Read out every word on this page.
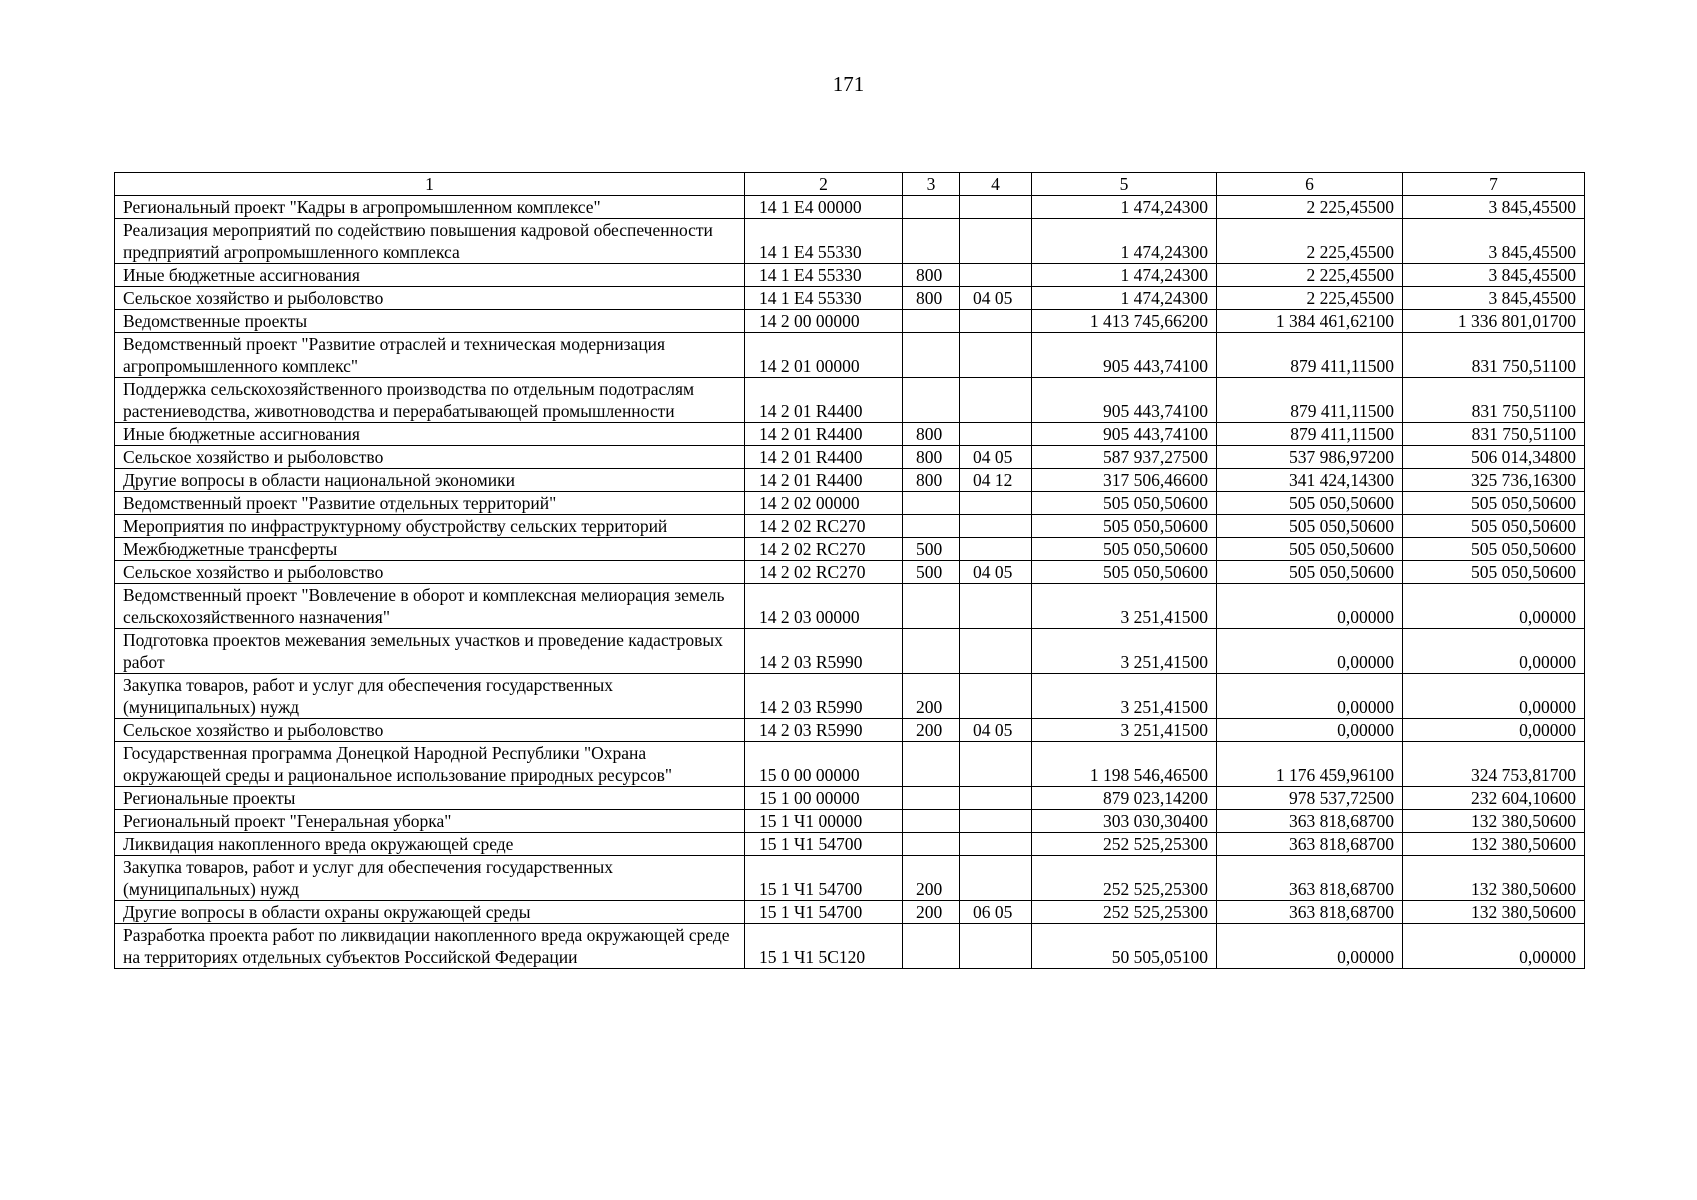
171
1	2	3	4	5	6	7
Региональный проект "Кадры в агропромышленном комплексе"	14 1 E4 00000			1 474,24300	2 225,45500	3 845,45500
Реализация мероприятий по содействию повышения кадровой обеспеченности предприятий агропромышленного комплекса	14 1 E4 55330			1 474,24300	2 225,45500	3 845,45500
Иные бюджетные ассигнования	14 1 E4 55330	800		1 474,24300	2 225,45500	3 845,45500
Сельское хозяйство и рыболовство	14 1 E4 55330	800	04 05	1 474,24300	2 225,45500	3 845,45500
Ведомственные проекты	14 2 00 00000			1 413 745,66200	1 384 461,62100	1 336 801,01700
Ведомственный проект "Развитие отраслей и техническая модернизация агропромышленного комплекс"	14 2 01 00000			905 443,74100	879 411,11500	831 750,51100
Поддержка сельскохозяйственного производства по отдельным подотраслям растениеводства, животноводства и перерабатывающей промышленности	14 2 01 R4400			905 443,74100	879 411,11500	831 750,51100
Иные бюджетные ассигнования	14 2 01 R4400	800		905 443,74100	879 411,11500	831 750,51100
Сельское хозяйство и рыболовство	14 2 01 R4400	800	04 05	587 937,27500	537 986,97200	506 014,34800
Другие вопросы в области национальной экономики	14 2 01 R4400	800	04 12	317 506,46600	341 424,14300	325 736,16300
Ведомственный проект "Развитие отдельных территорий"	14 2 02 00000			505 050,50600	505 050,50600	505 050,50600
Мероприятия по инфраструктурному обустройству сельских территорий	14 2 02 RC270			505 050,50600	505 050,50600	505 050,50600
Межбюджетные трансферты	14 2 02 RC270	500		505 050,50600	505 050,50600	505 050,50600
Сельское хозяйство и рыболовство	14 2 02 RC270	500	04 05	505 050,50600	505 050,50600	505 050,50600
Ведомственный проект "Вовлечение в оборот и комплексная мелиорация земель сельскохозяйственного назначения"	14 2 03 00000			3 251,41500	0,00000	0,00000
Подготовка проектов межевания земельных участков и проведение кадастровых работ	14 2 03 R5990			3 251,41500	0,00000	0,00000
Закупка товаров, работ и услуг для обеспечения государственных (муниципальных) нужд	14 2 03 R5990	200		3 251,41500	0,00000	0,00000
Сельское хозяйство и рыболовство	14 2 03 R5990	200	04 05	3 251,41500	0,00000	0,00000
Государственная программа Донецкой Народной Республики "Охрана окружающей среды и рациональное использование природных ресурсов"	15 0 00 00000			1 198 546,46500	1 176 459,96100	324 753,81700
Региональные проекты	15 1 00 00000			879 023,14200	978 537,72500	232 604,10600
Региональный проект "Генеральная уборка"	15 1 Ч1 00000			303 030,30400	363 818,68700	132 380,50600
Ликвидация накопленного вреда окружающей среде	15 1 Ч1 54700			252 525,25300	363 818,68700	132 380,50600
Закупка товаров, работ и услуг для обеспечения государственных (муниципальных) нужд	15 1 Ч1 54700	200		252 525,25300	363 818,68700	132 380,50600
Другие вопросы в области охраны окружающей среды	15 1 Ч1 54700	200	06 05	252 525,25300	363 818,68700	132 380,50600
Разработка проекта работ по ликвидации накопленного вреда окружающей среде на территориях отдельных субъектов Российской Федерации	15 1 Ч1 5С120			50 505,05100	0,00000	0,00000
